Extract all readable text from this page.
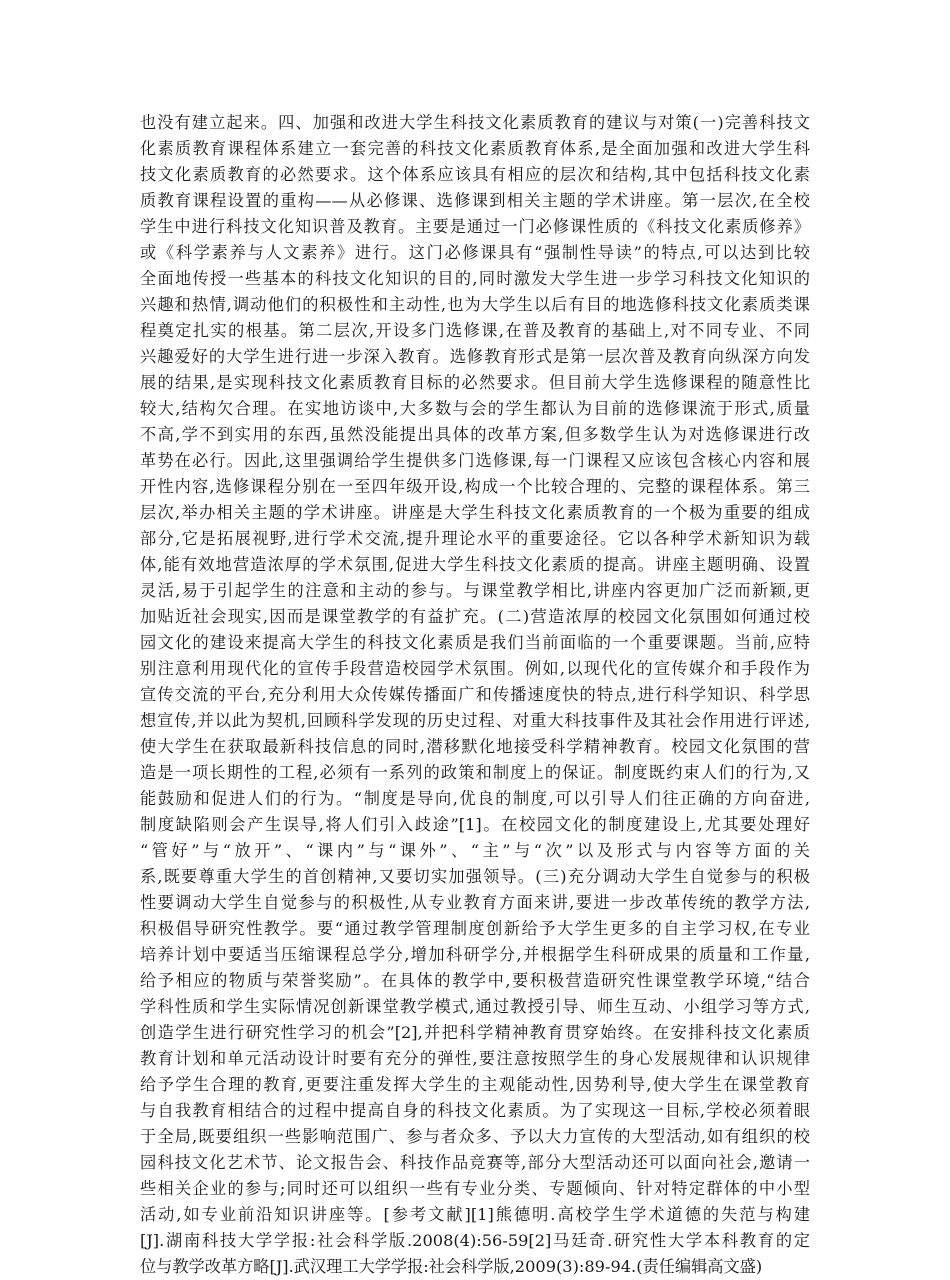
也没有建立起来。四、加强和改进大学生科技文化素质教育的建议与对策(一)完善科技文
化素质教育课程体系建立一套完善的科技文化素质教育体系,是全面加强和改进大学生科
技文化素质教育的必然要求。这个体系应该具有相应的层次和结构,其中包括科技文化素
质教育课程设置的重构——从必修课、选修课到相关主题的学术讲座。第一层次,在全校
学生中进行科技文化知识普及教育。主要是通过一门必修课性质的《科技文化素质修养》
或《科学素养与人文素养》进行。这门必修课具有“强制性导读”的特点,可以达到比较
全面地传授一些基本的科技文化知识的目的,同时激发大学生进一步学习科技文化知识的
兴趣和热情,调动他们的积极性和主动性,也为大学生以后有目的地选修科技文化素质类课
程奠定扎实的根基。第二层次,开设多门选修课,在普及教育的基础上,对不同专业、不同
兴趣爱好的大学生进行进一步深入教育。选修教育形式是第一层次普及教育向纵深方向发
展的结果,是实现科技文化素质教育目标的必然要求。但目前大学生选修课程的随意性比
较大,结构欠合理。在实地访谈中,大多数与会的学生都认为目前的选修课流于形式,质量
不高,学不到实用的东西,虽然没能提出具体的改革方案,但多数学生认为对选修课进行改
革势在必行。因此,这里强调给学生提供多门选修课,每一门课程又应该包含核心内容和展
开性内容,选修课程分别在一至四年级开设,构成一个比较合理的、完整的课程体系。第三
层次,举办相关主题的学术讲座。讲座是大学生科技文化素质教育的一个极为重要的组成
部分,它是拓展视野,进行学术交流,提升理论水平的重要途径。它以各种学术新知识为载
体,能有效地营造浓厚的学术氛围,促进大学生科技文化素质的提高。讲座主题明确、设置
灵活,易于引起学生的注意和主动的参与。与课堂教学相比,讲座内容更加广泛而新颖,更
加贴近社会现实,因而是课堂教学的有益扩充。(二)营造浓厚的校园文化氛围如何通过校
园文化的建设来提高大学生的科技文化素质是我们当前面临的一个重要课题。当前,应特
别注意利用现代化的宣传手段营造校园学术氛围。例如,以现代化的宣传媒介和手段作为
宣传交流的平台,充分利用大众传媒传播面广和传播速度快的特点,进行科学知识、科学思
想宣传,并以此为契机,回顾科学发现的历史过程、对重大科技事件及其社会作用进行评述,
使大学生在获取最新科技信息的同时,潜移默化地接受科学精神教育。校园文化氛围的营
造是一项长期性的工程,必须有一系列的政策和制度上的保证。制度既约束人们的行为,又
能鼓励和促进人们的行为。“制度是导向,优良的制度,可以引导人们往正确的方向奋进,
制度缺陷则会产生误导,将人们引入歧途”[1]。在校园文化的制度建设上,尤其要处理好
“管好”与“放开”、“课内”与“课外”、“主”与“次”以及形式与内容等方面的关
系,既要尊重大学生的首创精神,又要切实加强领导。(三)充分调动大学生自觉参与的积极
性要调动大学生自觉参与的积极性,从专业教育方面来讲,要进一步改革传统的教学方法,
积极倡导研究性教学。要“通过教学管理制度创新给予大学生更多的自主学习权,在专业
培养计划中要适当压缩课程总学分,增加科研学分,并根据学生科研成果的质量和工作量,
给予相应的物质与荣誉奖励”。在具体的教学中,要积极营造研究性课堂教学环境,“结合
学科性质和学生实际情况创新课堂教学模式,通过教授引导、师生互动、小组学习等方式,
创造学生进行研究性学习的机会”[2],并把科学精神教育贯穿始终。在安排科技文化素质
教育计划和单元活动设计时要有充分的弹性,要注意按照学生的身心发展规律和认识规律
给予学生合理的教育,更要注重发挥大学生的主观能动性,因势利导,使大学生在课堂教育
与自我教育相结合的过程中提高自身的科技文化素质。为了实现这一目标,学校必须着眼
于全局,既要组织一些影响范围广、参与者众多、予以大力宣传的大型活动,如有组织的校
园科技文化艺术节、论文报告会、科技作品竞赛等,部分大型活动还可以面向社会,邀请一
些相关企业的参与;同时还可以组织一些有专业分类、专题倾向、针对特定群体的中小型
活动,如专业前沿知识讲座等。[参考文献][1]熊德明.高校学生学术道德的失范与构建
[J].湖南科技大学学报:社会科学版.2008(4):56-59[2]马廷奇.研究性大学本科教育的定
位与教学改革方略[J].武汉理工大学学报:社会科学版,2009(3):89-94.(责任编辑高文盛)
